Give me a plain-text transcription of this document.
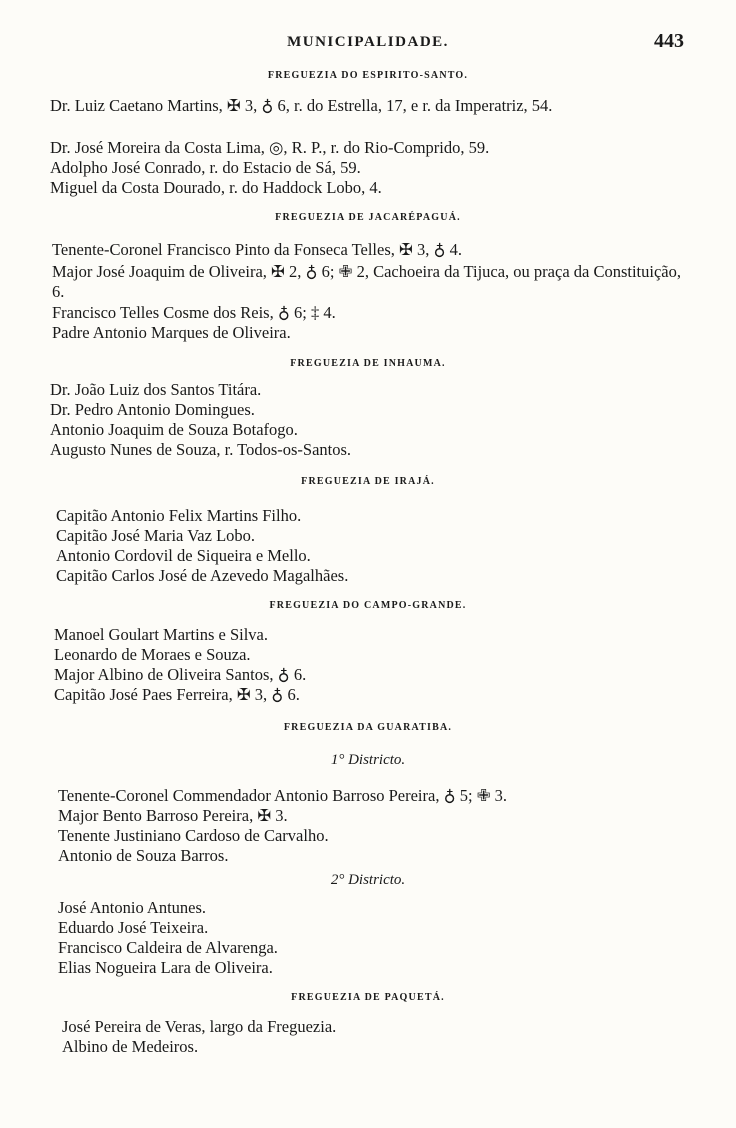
MUNICIPALIDADE.	443
FREGUEZIA DO ESPIRITO-SANTO.
Dr. Luiz Caetano Martins, ✠ 3, ♁ 6, r. do Estrella, 17, e r. da Imperatriz, 54.
Dr. José Moreira da Costa Lima, ◎, R. P., r. do Rio-Comprido, 59.
Adolpho José Conrado, r. do Estacio de Sá, 59.
Miguel da Costa Dourado, r. do Haddock Lobo, 4.
FREGUEZIA DE JACARÉPAGUÁ.
Tenente-Coronel Francisco Pinto da Fonseca Telles, ✠ 3, ♁ 4.
Major José Joaquim de Oliveira, ✠ 2, ♁ 6; ✙ 2, Cachoeira da Tijuca, ou praça da Constituição, 6.
Francisco Telles Cosme dos Reis, ♁ 6; ‡ 4.
Padre Antonio Marques de Oliveira.
FREGUEZIA DE INHAUMA.
Dr. João Luiz dos Santos Titára.
Dr. Pedro Antonio Domingues.
Antonio Joaquim de Souza Botafogo.
Augusto Nunes de Souza, r. Todos-os-Santos.
FREGUEZIA DE IRAJÁ.
Capitão Antonio Felix Martins Filho.
Capitão José Maria Vaz Lobo.
Antonio Cordovil de Siqueira e Mello.
Capitão Carlos José de Azevedo Magalhães.
FREGUEZIA DO CAMPO-GRANDE.
Manoel Goulart Martins e Silva.
Leonardo de Moraes e Souza.
Major Albino de Oliveira Santos, ♁ 6.
Capitão José Paes Ferreira, ✠ 3, ♁ 6.
FREGUEZIA DA GUARATIBA.
1° Districto.
Tenente-Coronel Commendador Antonio Barroso Pereira, ♁ 5; ✙ 3.
Major Bento Barroso Pereira, ✠ 3.
Tenente Justiniano Cardoso de Carvalho.
Antonio de Souza Barros.
2° Districto.
José Antonio Antunes.
Eduardo José Teixeira.
Francisco Caldeira de Alvarenga.
Elias Nogueira Lara de Oliveira.
FREGUEZIA DE PAQUETÁ.
José Pereira de Veras, largo da Freguezia.
Albino de Medeiros.
